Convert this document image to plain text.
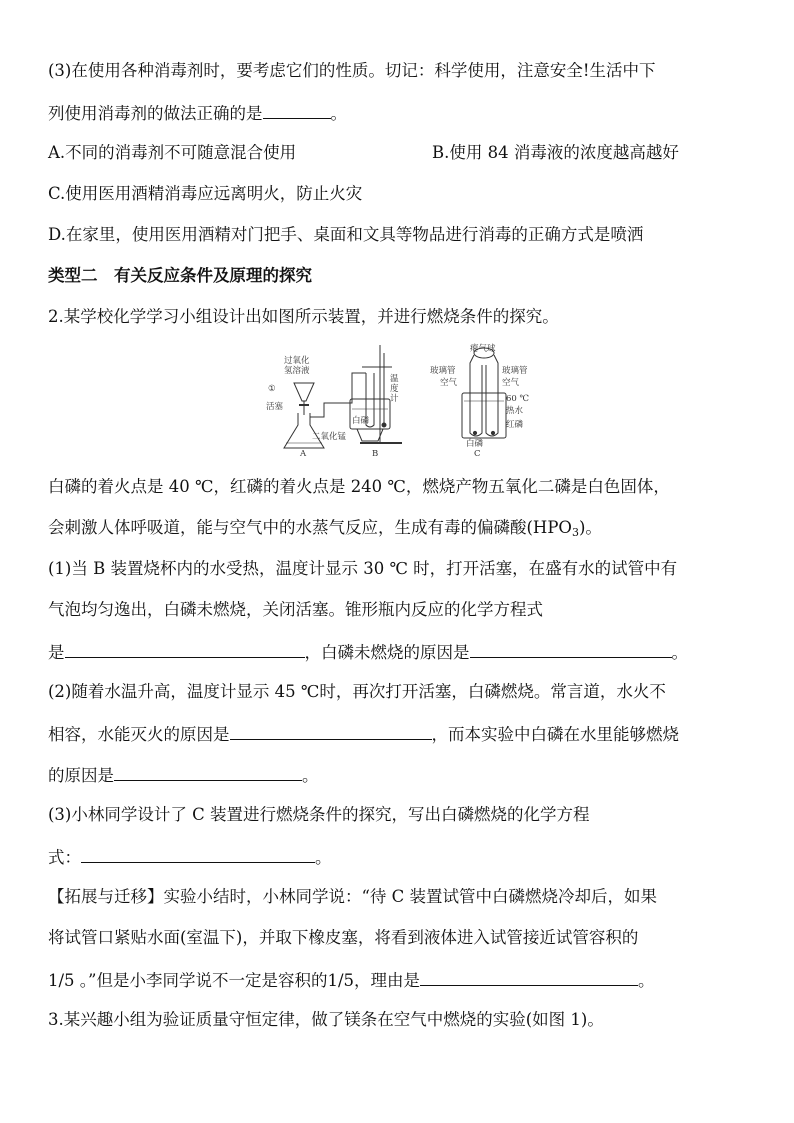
(3)在使用各种消毒剂时，要考虑它们的性质。切记：科学使用，注意安全!生活中下
列使用消毒剂的做法正确的是	。
A.不同的消毒剂不可随意混合使用	B.使用 84 消毒液的浓度越高越好
C.使用医用酒精消毒应远离明火，防止火灾
D.在家里，使用医用酒精对门把手、桌面和文具等物品进行消毒的正确方式是喷洒
类型二　有关反应条件及原理的探究
2.某学校化学学习小组设计出如图所示装置，并进行燃烧条件的探究。
过氧化
氢溶液
①
活塞
温
度
计
白磷
二氧化锰
A	B
瘪气球
玻璃管	玻璃管
空气	空气
60 ℃
热水
红磷
白磷
C
白磷的着火点是 40 ℃，红磷的着火点是 240 ℃，燃烧产物五氧化二磷是白色固体，
会刺激人体呼吸道，能与空气中的水蒸气反应，生成有毒的偏磷酸$(HPO_3)$。
(1)当 B 装置烧杯内的水受热，温度计显示 30 ℃ 时，打开活塞，在盛有水的试管中有
气泡均匀逸出，白磷未燃烧，关闭活塞。锥形瓶内反应的化学方程式
是	，白磷未燃烧的原因是	。
(2)随着水温升高，温度计显示 45 ℃时，再次打开活塞，白磷燃烧。常言道，水火不
相容，水能灭火的原因是	，而本实验中白磷在水里能够燃烧
的原因是	。
(3)小林同学设计了 C 装置进行燃烧条件的探究，写出白磷燃烧的化学方程
式：	。
【拓展与迁移】实验小结时，小林同学说：“待 C 装置试管中白磷燃烧冷却后，如果
将试管口紧贴水面(室温下)，并取下橡皮塞，将看到液体进入试管接近试管容积的
1/5 。”但是小李同学说不一定是容积的1/5，理由是	。
3.某兴趣小组为验证质量守恒定律，做了镁条在空气中燃烧的实验(如图 1)。
